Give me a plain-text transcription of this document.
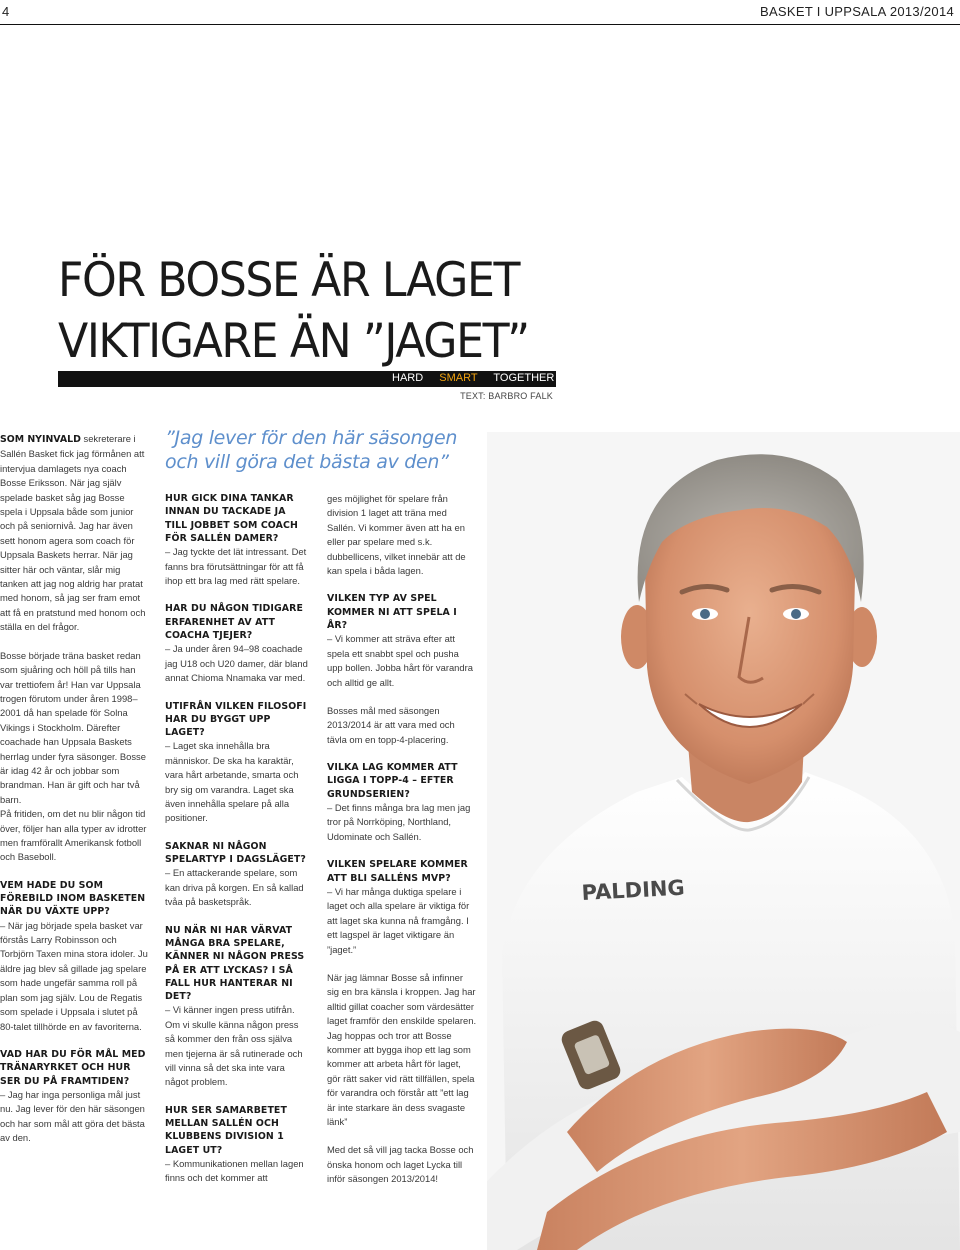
4	BASKET I UPPSALA 2013/2014
FÖR BOSSE ÄR LAGET
VIKTIGARE ÄN ”JAGET”
HARD SMART TOGETHER
TEXT: BARBRO FALK

SOM NYINVALD sekreterare i Sallén Basket fick jag förmånen att intervjua damlagets nya coach Bosse Eriksson. När jag själv spelade basket såg jag Bosse spela i Uppsala både som junior och på seniornivå. Jag har även sett honom agera som coach för Uppsala Baskets herrar. När jag sitter här och väntar, slår mig tanken att jag nog aldrig har pratat med honom, så jag ser fram emot att få en pratstund med honom och ställa en del frågor.

Bosse började träna basket redan som sjuåring och höll på tills han var trettiofem år! Han var Uppsala trogen förutom under åren 1998–2001 då han spelade för Solna Vikings i Stockholm. Därefter coachade han Uppsala Baskets herrlag under fyra säsonger. Bosse är idag 42 år och jobbar som brandman. Han är gift och har två barn.

På fritiden, om det nu blir någon tid över, följer han alla typer av idrotter men framförallt Amerikansk fotboll och Baseboll.

VEM HADE DU SOM FÖREBILD INOM BASKETEN NÄR DU VÄXTE UPP?

– När jag började spela basket var förstås Larry Robinsson och Torbjörn Taxen mina stora idoler. Ju äldre jag blev så gillade jag spelare som hade ungefär samma roll på plan som jag själv. Lou de Regatis som spelade i Uppsala i slutet på 80-talet tillhörde en av favoriterna.

VAD HAR DU FÖR MÅL MED TRÄNARYRKET OCH HUR SER DU PÅ FRAMTIDEN?

– Jag har inga personliga mål just nu. Jag lever för den här säsongen och har som mål att göra det bästa av den.

”Jag lever för den här säsongen
och vill göra det bästa av den”
HUR GICK DINA TANKAR INNAN DU TACKADE JA TILL JOBBET SOM COACH FÖR SALLÉN DAMER?

– Jag tyckte det lät intressant. Det fanns bra förutsättningar för att få ihop ett bra lag med rätt spelare.

HAR DU NÅGON TIDIGARE ERFARENHET AV ATT COACHA TJEJER?

– Ja under åren 94–98 coachade jag U18 och U20 damer, där bland annat Chioma Nnamaka var med.

UTIFRÅN VILKEN FILOSOFI HAR DU BYGGT UPP LAGET?

– Laget ska innehålla bra människor. De ska ha karaktär, vara hårt arbetande, smarta och bry sig om varandra. Laget ska även innehålla spelare på alla positioner.

SAKNAR NI NÅGON SPELARTYP I DAGSLÄGET?

– En attackerande spelare, som kan driva på korgen. En så kallad tvåa på basketspråk.

NU NÄR NI HAR VÄRVAT MÅNGA BRA SPELARE, KÄNNER NI NÅGON PRESS PÅ ER ATT LYCKAS? I SÅ FALL HUR HANTERAR NI DET?

– Vi känner ingen press utifrån. Om vi skulle känna någon press så kommer den från oss själva men tjejerna är så rutinerade och vill vinna så det ska inte vara något problem.

HUR SER SAMARBETET MELLAN SALLÉN OCH KLUBBENS DIVISION 1 LAGET UT?

– Kommunikationen mellan lagen finns och det kommer att

ges möjlighet för spelare från division 1 laget att träna med Sallén. Vi kommer även att ha en eller par spelare med s.k. dubbellicens, vilket innebär att de kan spela i båda lagen.

VILKEN TYP AV SPEL KOMMER NI ATT SPELA I ÅR?

– Vi kommer att sträva efter att spela ett snabbt spel och pusha upp bollen. Jobba hårt för varandra och alltid ge allt.

Bosses mål med säsongen 2013/2014 är att vara med och tävla om en topp-4-placering.

VILKA LAG KOMMER ATT LIGGA I TOPP-4 – EFTER GRUNDSERIEN?

– Det finns många bra lag men jag tror på Norrköping, Northland, Udominate och Sallén.

VILKEN SPELARE KOMMER ATT BLI SALLÉNS MVP?

– Vi har många duktiga spelare i laget och alla spelare är viktiga för att laget ska kunna nå framgång. I ett lagspel är laget viktigare än ”jaget.”

När jag lämnar Bosse så infinner sig en bra känsla i kroppen. Jag har alltid gillat coacher som värdesätter laget framför den enskilde spelaren. Jag hoppas och tror att Bosse kommer att bygga ihop ett lag som kommer att arbeta hårt för laget, gör rätt saker vid rätt tillfällen, spela för varandra och förstår att ”ett lag är inte starkare än dess svagaste länk”

Med det så vill jag tacka Bosse och önska honom och laget Lycka till inför säsongen 2013/2014!

PALDING
